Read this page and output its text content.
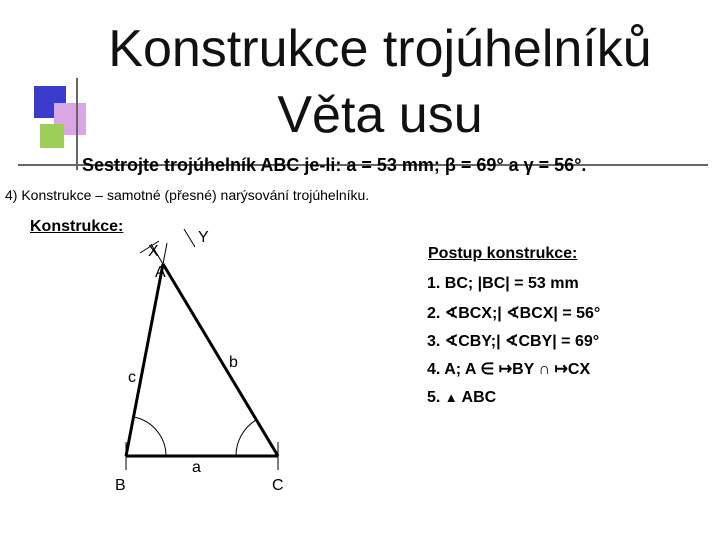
Konstrukce trojúhelníků
Věta usu
Sestrojte trojúhelník ABC je-li: a = 53 mm; β = 69° a γ = 56°.
4) Konstrukce – samotné (přesné) narýsování trojúhelníku.
Konstrukce:
Postup konstrukce:
1. BC; |BC| = 53 mm
2. ∢BCX;| ∢BCX| = 56°
3. ∢CBY;| ∢CBY| = 69°
4. A; A ∈ ↦BY ∩ ↦CX
5. ▲ ABC
X
Y
A
B	C
a
b
c
